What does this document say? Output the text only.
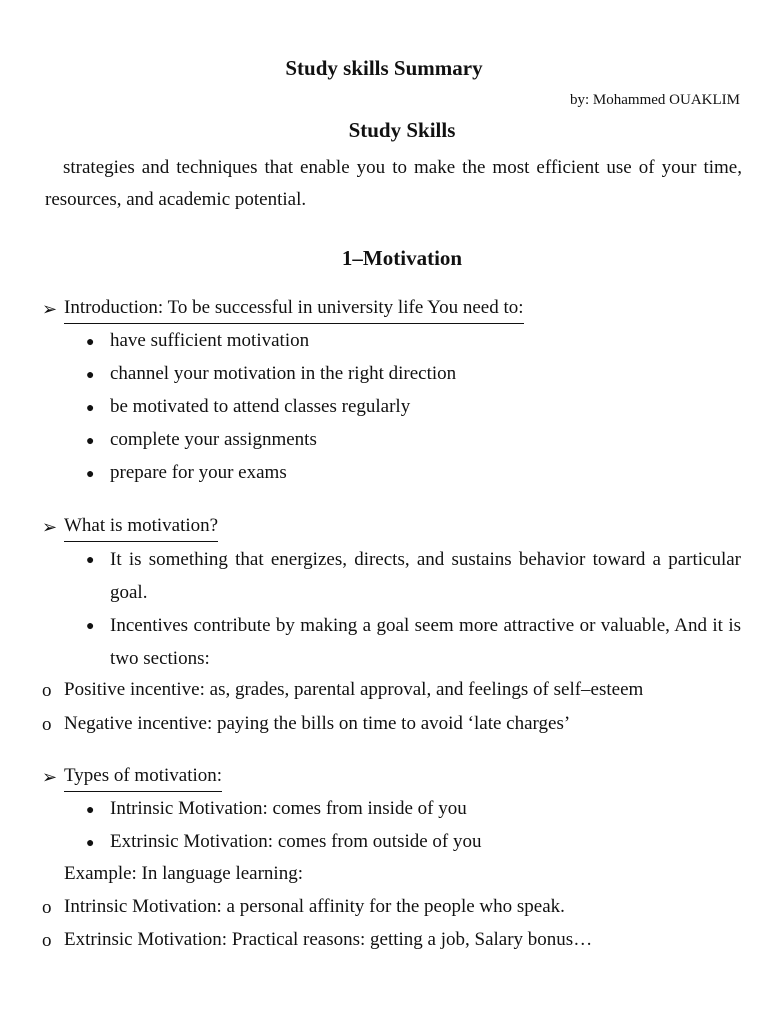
Study skills Summary
by: Mohammed OUAKLIM
Study Skills
strategies and techniques that enable you to make the most efficient use of your time, resources, and academic potential.
1–Motivation
➢ Introduction: To be successful in university life You need to:
● have sufficient motivation
● channel your motivation in the right direction
● be motivated to attend classes regularly
● complete your assignments
● prepare for your exams
➢ What is motivation?
● It is something that energizes, directs, and sustains behavior toward a particular goal.
● Incentives contribute by making a goal seem more attractive or valuable, And it is two sections:
o Positive incentive: as, grades, parental approval, and feelings of self–esteem
o Negative incentive: paying the bills on time to avoid ‘late charges’
➢ Types of motivation:
● Intrinsic Motivation: comes from inside of you
● Extrinsic Motivation: comes from outside of you
Example: In language learning:
o Intrinsic Motivation: a personal affinity for the people who speak.
o Extrinsic Motivation: Practical reasons: getting a job, Salary bonus…
